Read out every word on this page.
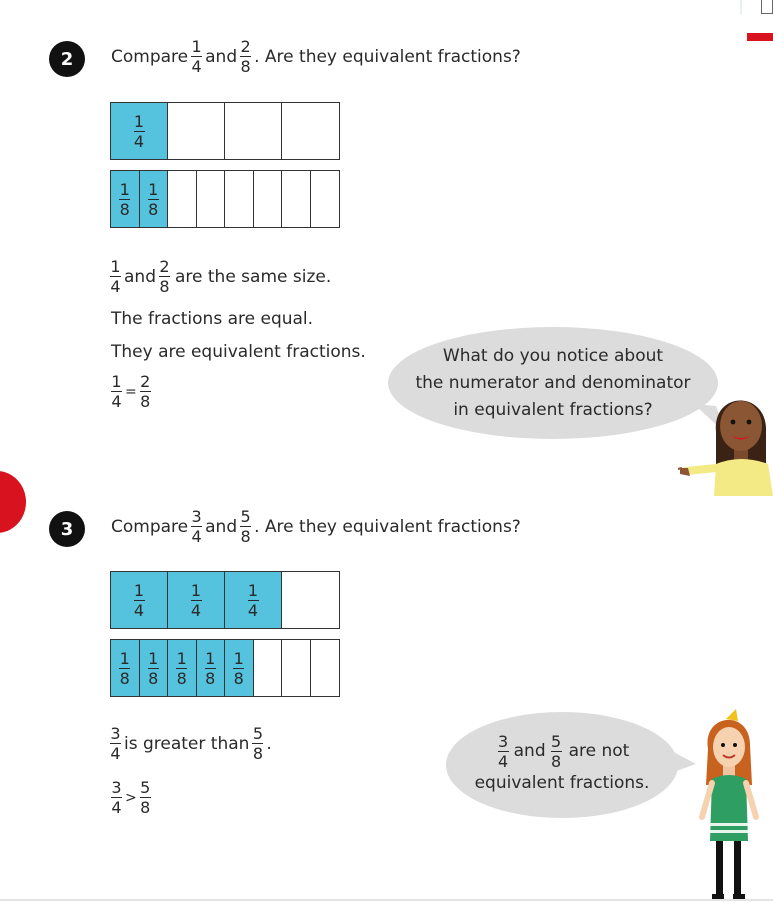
2 Compare $\frac{1}{4}$ and $\frac{2}{8}$ . Are they equivalent fractions?
$\frac{1}{4}$
$\frac{1}{8} \frac{1}{8}$
$\frac{1}{4}$ and $\frac{2}{8}$ are the same size.
The fractions are equal.
They are equivalent fractions.
$\frac{1}{4} = \frac{2}{8}$
What do you notice about
the numerator and denominator
in equivalent fractions?
3 Compare $\frac{3}{4}$ and $\frac{5}{8}$ . Are they equivalent fractions?
$\frac{1}{4}$	$\frac{1}{4}$	$\frac{1}{4}$
$\frac{1}{8} \frac{1}{8} \frac{1}{8} \frac{1}{8} \frac{1}{8}$
$\frac{3}{4}$ is greater than $\frac{5}{8}$ .
$\frac{3}{4} > \frac{5}{8}$
$\frac{3}{4}$ and $\frac{5}{8}$ are not
equivalent fractions.
